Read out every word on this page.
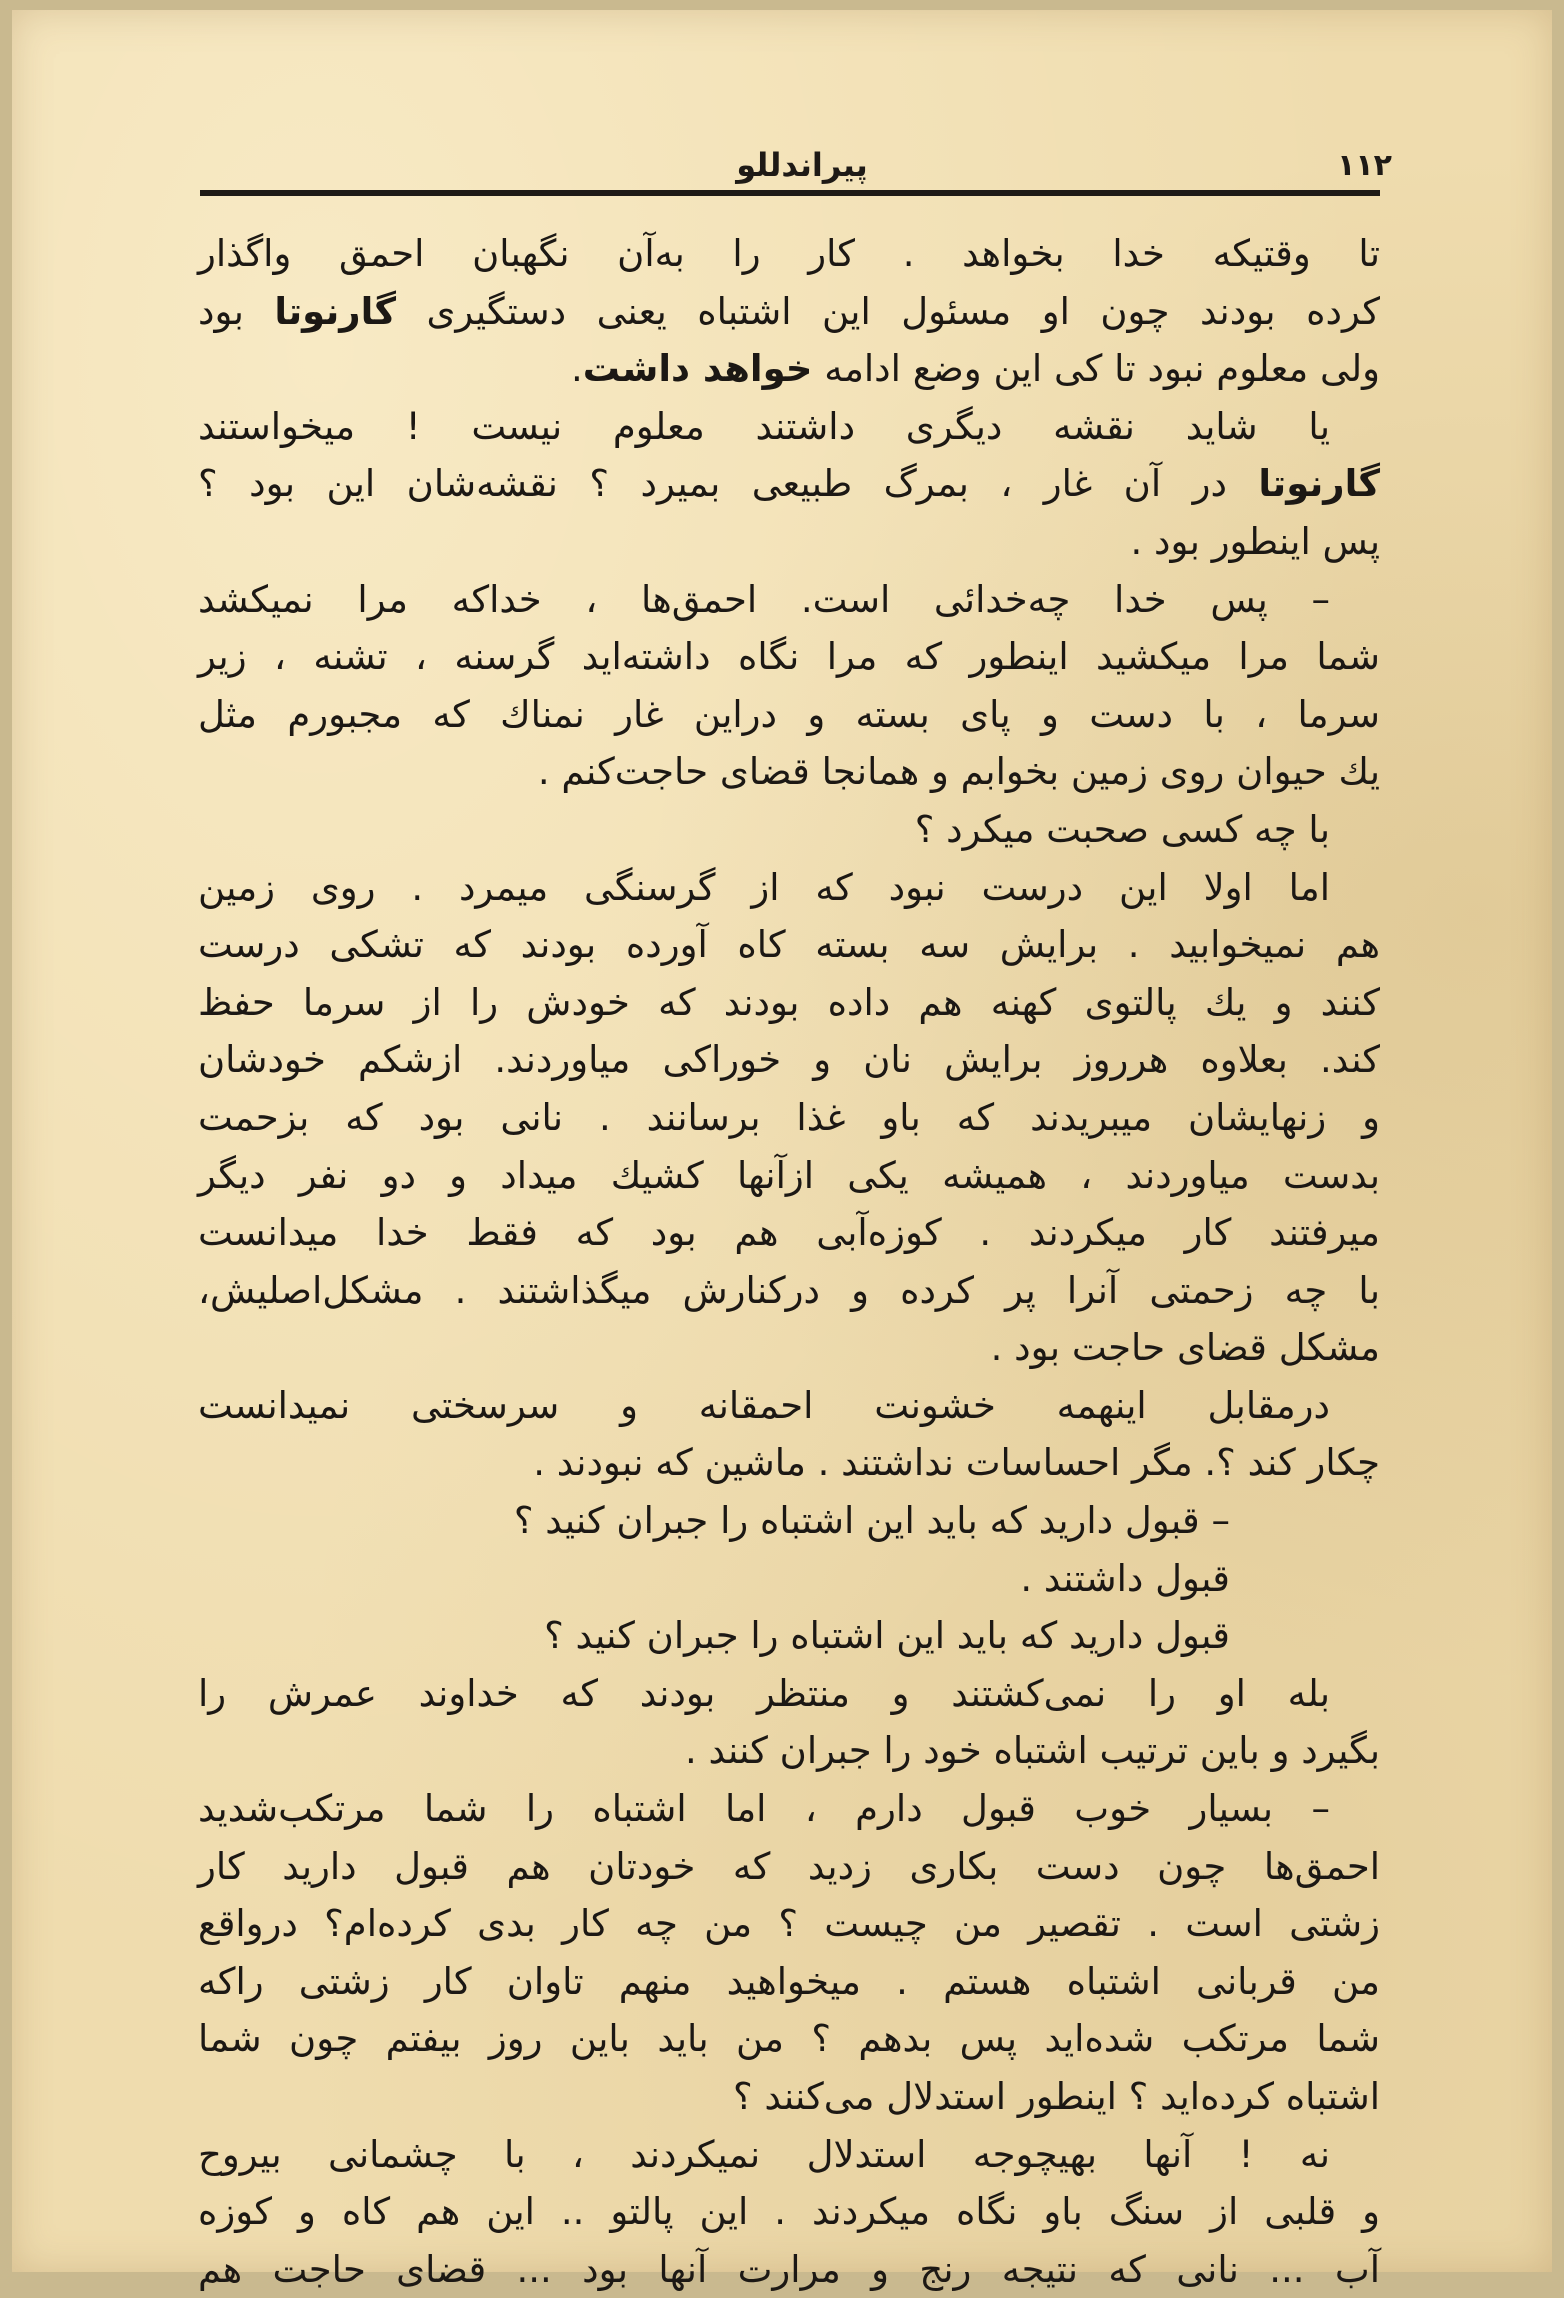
١١٢
پیراندللو
تا وقتیکه خدا بخواهد . کار را به‌آن نگهبان احمق واگذار
کرده بودند چون او مسئول این اشتباه یعنی دستگیری گارنوتا بود
ولی معلوم نبود تا کی این وضع ادامه خواهد داشت.
یا شاید نقشه دیگری داشتند معلوم نیست ! میخواستند
گارنوتا در آن غار ، بمرگ طبیعی بمیرد ؟ نقشه‌شان این بود ؟
پس اینطور بود .
– پس خدا چه‌خدائی است. احمق‌ها ، خداکه مرا نمیکشد
شما مرا میکشید اینطور که مرا نگاه داشته‌اید گرسنه ، تشنه ، زیر
سرما ، با دست و پای بسته و دراین غار نمناك که مجبورم مثل
یك حیوان روی زمین بخوابم و همانجا قضای حاجت‌کنم .
با چه کسی صحبت میکرد ؟
اما اولا این درست نبود که از گرسنگی میمرد . روی زمین
هم نمیخوابید . برایش سه بسته کاه آورده بودند که تشکی درست
کنند و یك پالتوی کهنه هم داده بودند که خودش را از سرما حفظ
کند. بعلاوه هرروز برایش نان و خوراکی میاوردند. ازشکم خودشان
و زنهایشان میبریدند که باو غذا برسانند . نانی بود که بزحمت
بدست میاوردند ، همیشه یکی ازآنها کشیك میداد و دو نفر دیگر
میرفتند کار میکردند . کوزه‌آبی هم بود که فقط خدا میدانست
با چه زحمتی آنرا پر کرده و درکنارش میگذاشتند . مشکل‌اصلیش،
مشکل قضای حاجت بود .
درمقابل اینهمه خشونت احمقانه و سرسختی نمیدانست
چکار کند ؟. مگر احساسات نداشتند . ماشین که نبودند .
– قبول دارید که باید این اشتباه را جبران کنید ؟
قبول داشتند .
قبول دارید که باید این اشتباه را جبران کنید ؟
بله او را نمی‌کشتند و منتظر بودند که خداوند عمرش را
بگیرد و باین ترتیب اشتباه خود را جبران کنند .
– بسیار خوب قبول دارم ، اما اشتباه را شما مرتکب‌شدید
احمق‌ها چون دست بکاری زدید که خودتان هم قبول دارید کار
زشتی است . تقصیر من چیست ؟ من چه کار بدی کرده‌ام؟ درواقع
من قربانی اشتباه هستم . میخواهید منهم تاوان کار زشتی راکه
شما مرتکب شده‌اید پس بدهم ؟ من باید باین روز بیفتم چون شما
اشتباه کرده‌اید ؟ اینطور استدلال می‌کنند ؟
نه ! آنها بهیچوجه استدلال نمیکردند ، با چشمانی بیروح
و قلبی از سنگ باو نگاه میکردند . این پالتو .. این هم کاه و کوزه
آب ... نانی که نتیجه رنج و مرارت آنها بود ... قضای حاجت هم
